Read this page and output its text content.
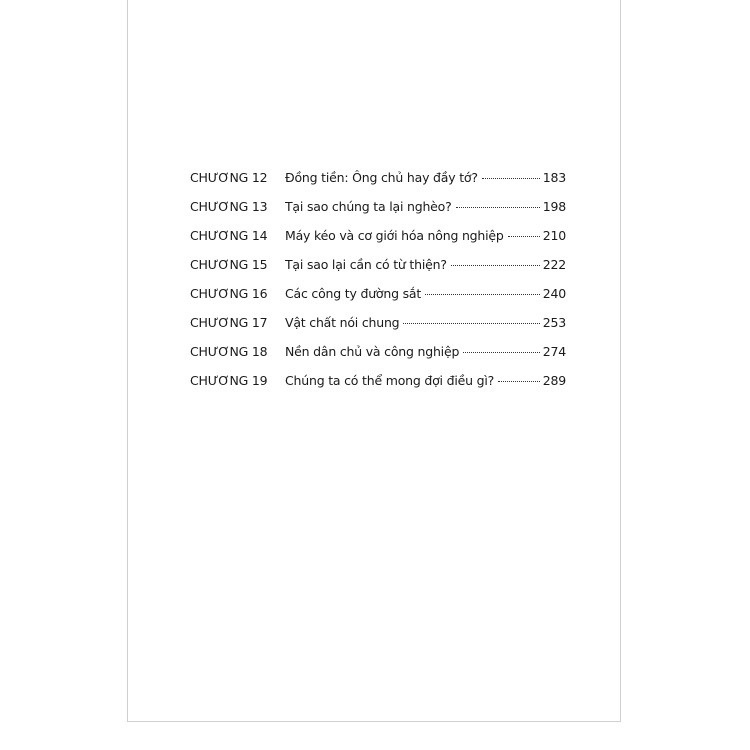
CHƯƠNG 12	Đồng tiền: Ông chủ hay đầy tớ?	183
CHƯƠNG 13	Tại sao chúng ta lại nghèo?	198
CHƯƠNG 14	Máy kéo và cơ giới hóa nông nghiệp	210
CHƯƠNG 15	Tại sao lại cần có từ thiện?	222
CHƯƠNG 16	Các công ty đường sắt	240
CHƯƠNG 17	Vật chất nói chung	253
CHƯƠNG 18	Nền dân chủ và công nghiệp	274
CHƯƠNG 19	Chúng ta có thể mong đợi điều gì?	289
